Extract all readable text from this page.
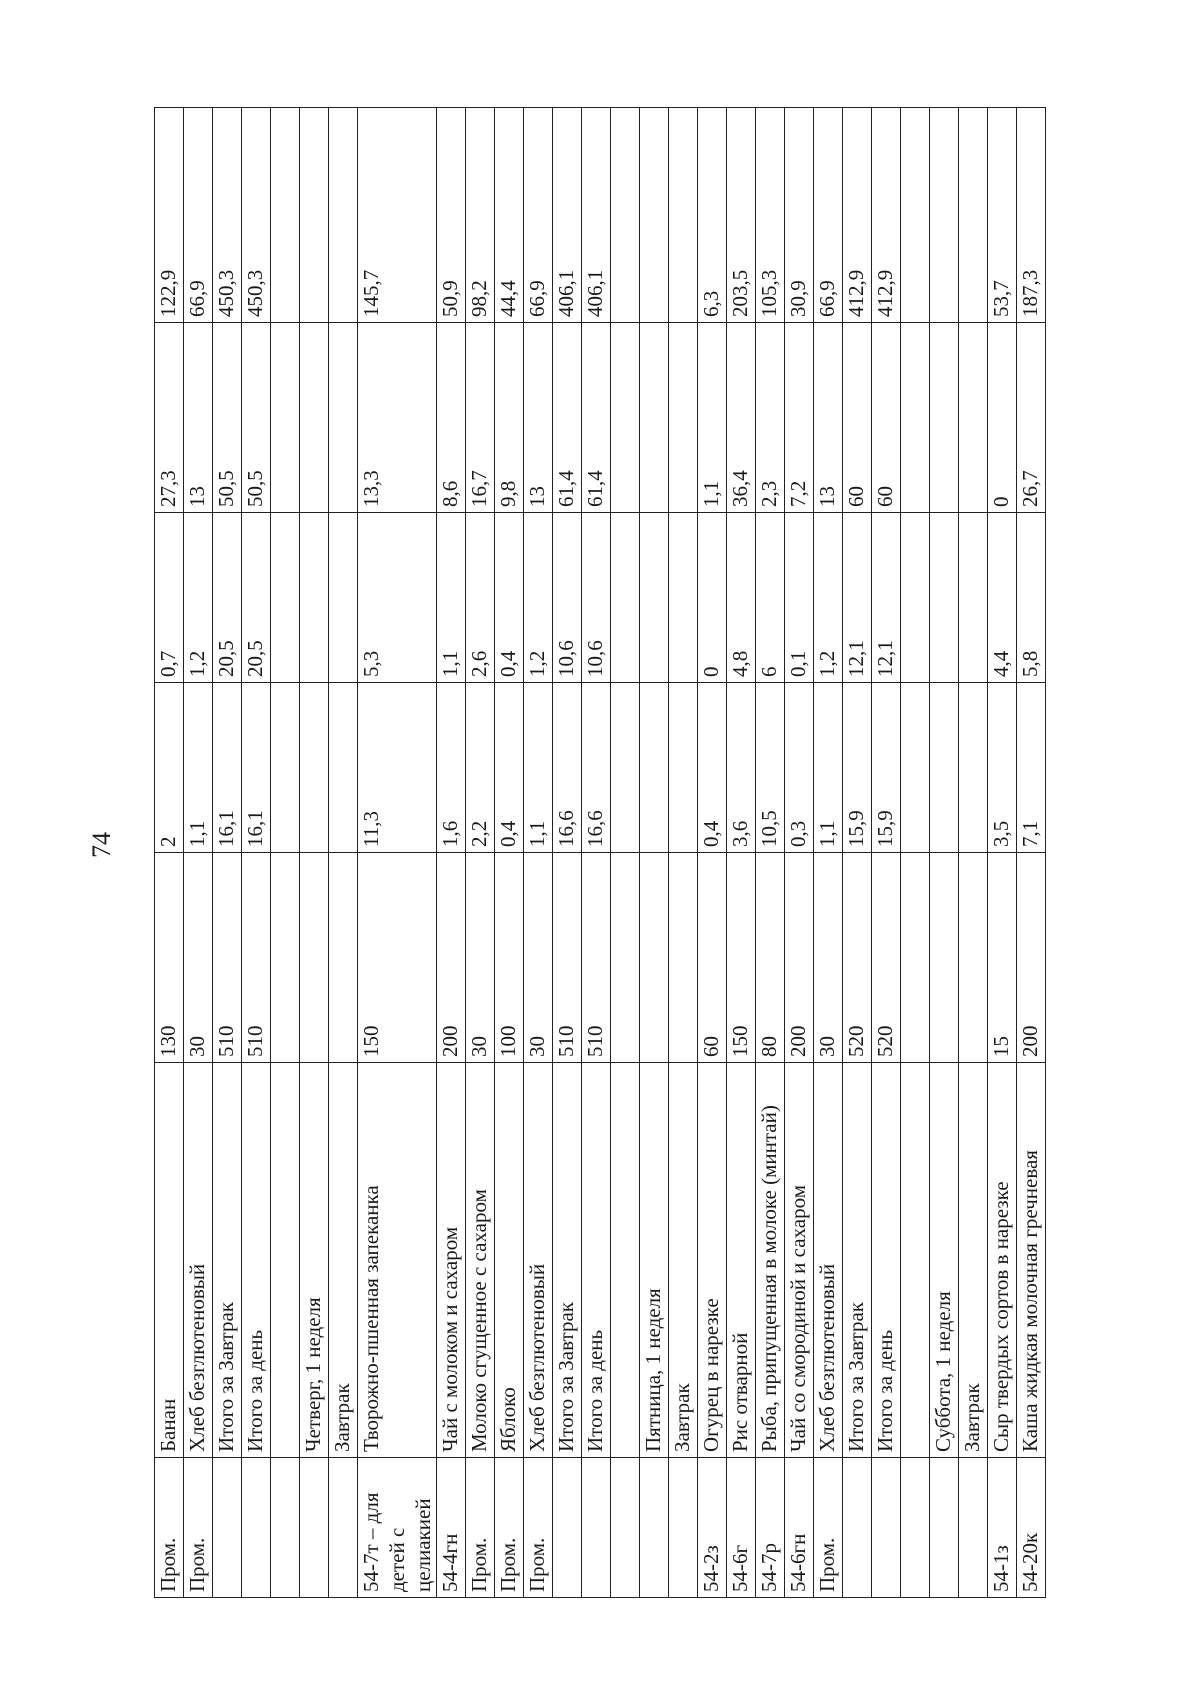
74
Пром.	Банан	130	2	0,7	27,3	122,9
Пром.	Хлеб безглютеновый	30	1,1	1,2	13	66,9
	Итого за Завтрак	510	16,1	20,5	50,5	450,3
	Итого за день	510	16,1	20,5	50,5	450,3

	Четверг, 1 неделя					
	Завтрак					
54-7т – для детей с целиакией	Творожно-пшенная запеканка	150	11,3	5,3	13,3	145,7
54-4гн	Чай с молоком и сахаром	200	1,6	1,1	8,6	50,9
Пром.	Молоко сгущенное с сахаром	30	2,2	2,6	16,7	98,2
Пром.	Яблоко	100	0,4	0,4	9,8	44,4
Пром.	Хлеб безглютеновый	30	1,1	1,2	13	66,9
	Итого за Завтрак	510	16,6	10,6	61,4	406,1
	Итого за день	510	16,6	10,6	61,4	406,1

	Пятница, 1 неделя					
	Завтрак					
54-2з	Огурец в нарезке	60	0,4	0	1,1	6,3
54-6г	Рис отварной	150	3,6	4,8	36,4	203,5
54-7р	Рыба, припущенная в молоке (минтай)	80	10,5	6	2,3	105,3
54-6гн	Чай со смородиной и сахаром	200	0,3	0,1	7,2	30,9
Пром.	Хлеб безглютеновый	30	1,1	1,2	13	66,9
	Итого за Завтрак	520	15,9	12,1	60	412,9
	Итого за день	520	15,9	12,1	60	412,9

	Суббота, 1 неделя					
	Завтрак					
54-1з	Сыр твердых сортов в нарезке	15	3,5	4,4	0	53,7
54-20к	Каша жидкая молочная гречневая	200	7,1	5,8	26,7	187,3
